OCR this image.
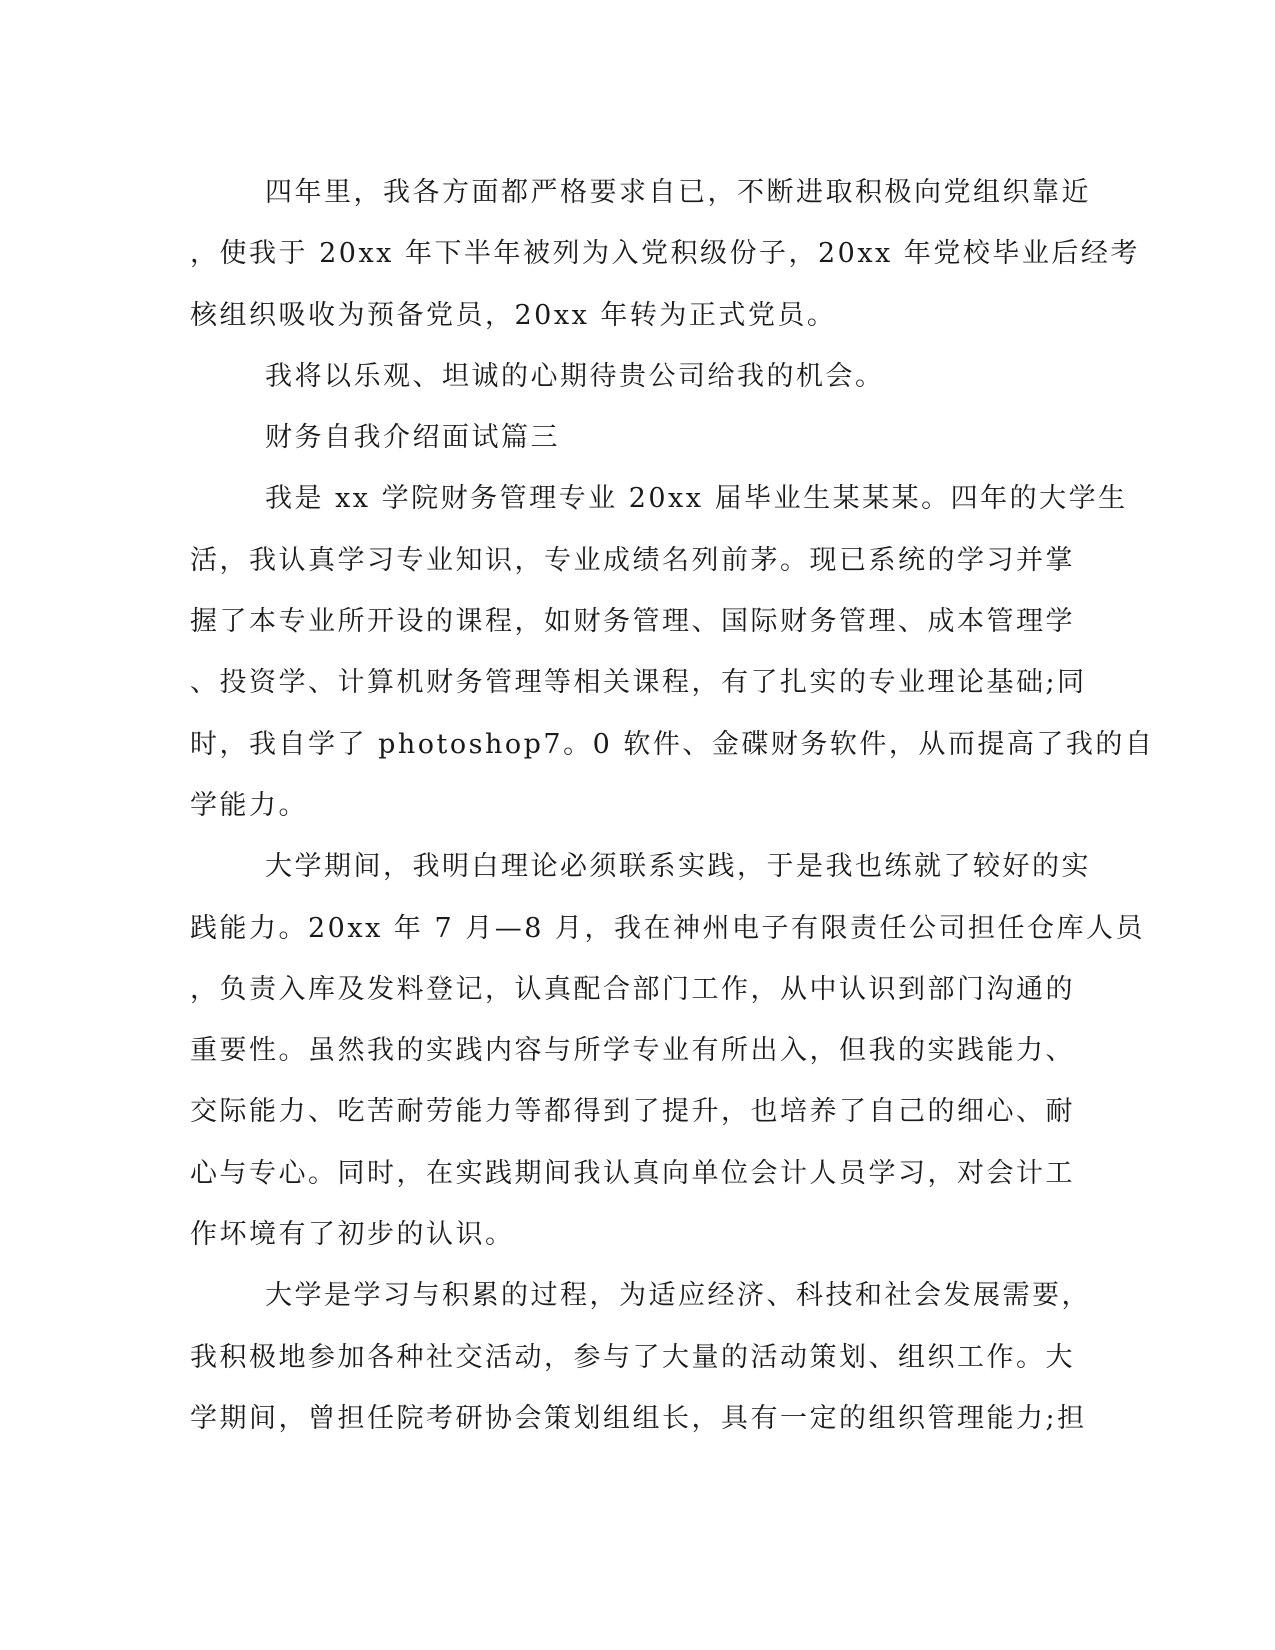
四年里，我各方面都严格要求自已，不断进取积极向党组织靠近
，使我于 20xx 年下半年被列为入党积级份子，20xx 年党校毕业后经考
核组织吸收为预备党员，20xx 年转为正式党员。
我将以乐观、坦诚的心期待贵公司给我的机会。
财务自我介绍面试篇三
我是 xx 学院财务管理专业 20xx 届毕业生某某某。四年的大学生
活，我认真学习专业知识，专业成绩名列前茅。现已系统的学习并掌
握了本专业所开设的课程，如财务管理、国际财务管理、成本管理学
、投资学、计算机财务管理等相关课程，有了扎实的专业理论基础;同
时，我自学了 photoshop7。0 软件、金碟财务软件，从而提高了我的自
学能力。
大学期间，我明白理论必须联系实践，于是我也练就了较好的实
践能力。20xx 年 7 月—8 月，我在神州电子有限责任公司担任仓库人员
，负责入库及发料登记，认真配合部门工作，从中认识到部门沟通的
重要性。虽然我的实践内容与所学专业有所出入，但我的实践能力、
交际能力、吃苦耐劳能力等都得到了提升，也培养了自己的细心、耐
心与专心。同时，在实践期间我认真向单位会计人员学习，对会计工
作坏境有了初步的认识。
大学是学习与积累的过程，为适应经济、科技和社会发展需要，
我积极地参加各种社交活动，参与了大量的活动策划、组织工作。大
学期间，曾担任院考研协会策划组组长，具有一定的组织管理能力;担
